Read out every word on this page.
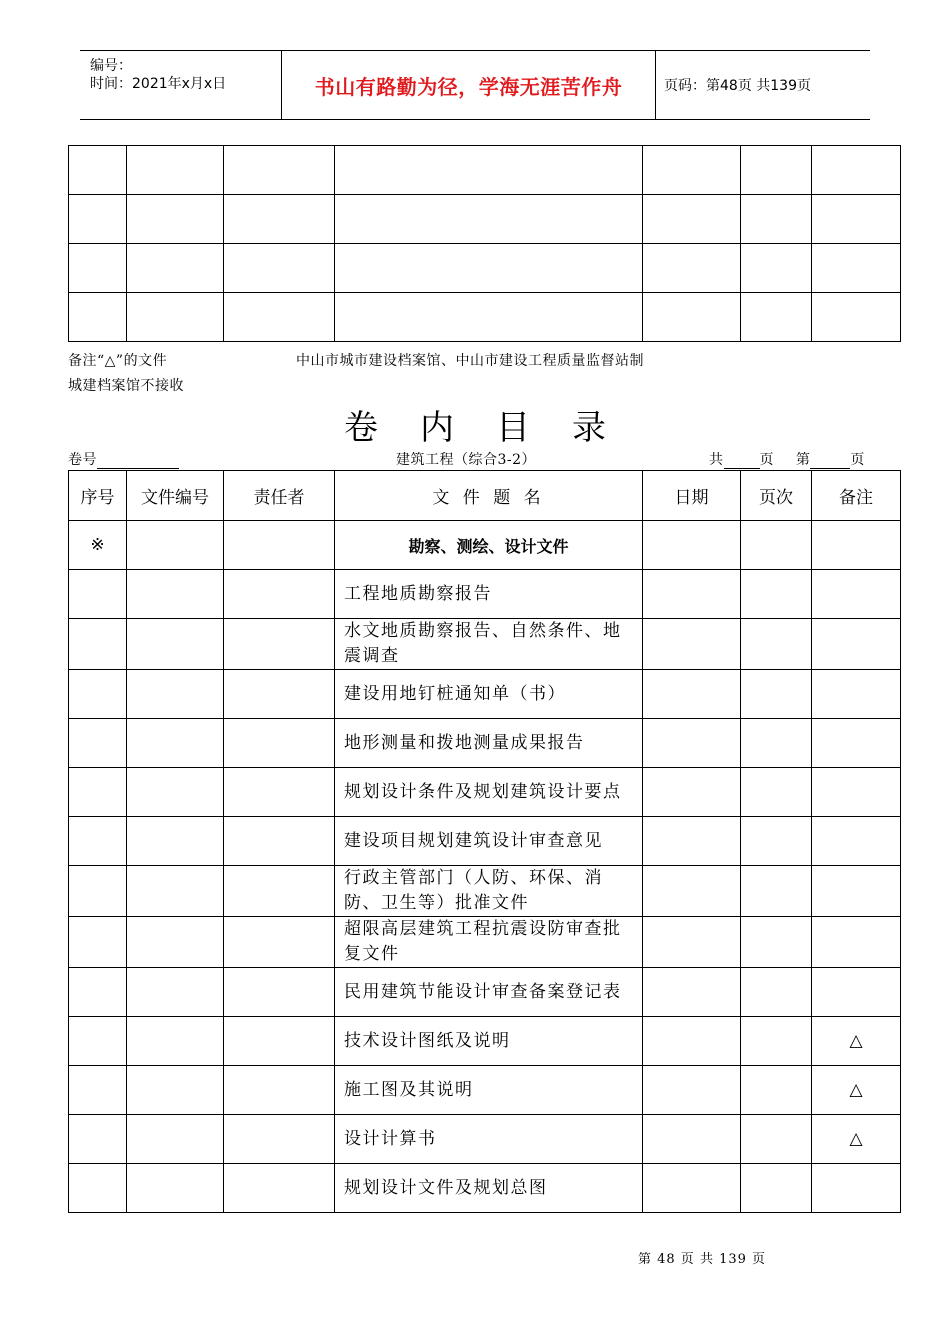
编号：
时间：2021年x月x日	书山有路勤为径，学海无涯苦作舟	页码：第48页 共139页

备注“△”的文件	中山市城市建设档案馆、中山市建设工程质量监督站制
城建档案馆不接收
卷内目录
卷号	建筑工程（综合3-2）	共	页 第	页
序号	文件编号	责任者	文 件 题 名	日期	页次	备注
※			勘察、测绘、设计文件			
			工程地质勘察报告			
			水文地质勘察报告、自然条件、地震调查			
			建设用地钉桩通知单（书）			
			地形测量和拨地测量成果报告			
			规划设计条件及规划建筑设计要点			
			建设项目规划建筑设计审查意见			
			行政主管部门（人防、环保、消防、卫生等）批准文件			
			超限高层建筑工程抗震设防审查批复文件			
			民用建筑节能设计审查备案登记表			
			技术设计图纸及说明			△
			施工图及其说明			△
			设计计算书			△
			规划设计文件及规划总图			
第 48 页 共 139 页
